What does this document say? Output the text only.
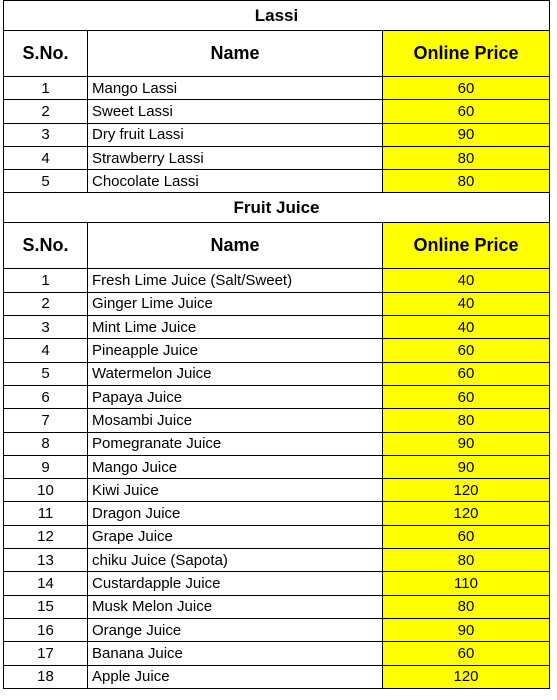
Lassi		
S.No.	Name	Online Price
1	Mango Lassi	60
2	Sweet Lassi	60
3	Dry fruit Lassi	90
4	Strawberry Lassi	80
5	Chocolate Lassi	80
Fruit Juice		
S.No.	Name	Online Price
1	Fresh Lime Juice (Salt/Sweet)	40
2	Ginger Lime Juice	40
3	Mint Lime Juice	40
4	Pineapple Juice	60
5	Watermelon Juice	60
6	Papaya Juice	60
7	Mosambi Juice	80
8	Pomegranate Juice	90
9	Mango Juice	90
10	Kiwi Juice	120
11	Dragon Juice	120
12	Grape Juice	60
13	chiku Juice (Sapota)	80
14	Custardapple Juice	110
15	Musk Melon Juice	80
16	Orange Juice	90
17	Banana Juice	60
18	Apple Juice	120
